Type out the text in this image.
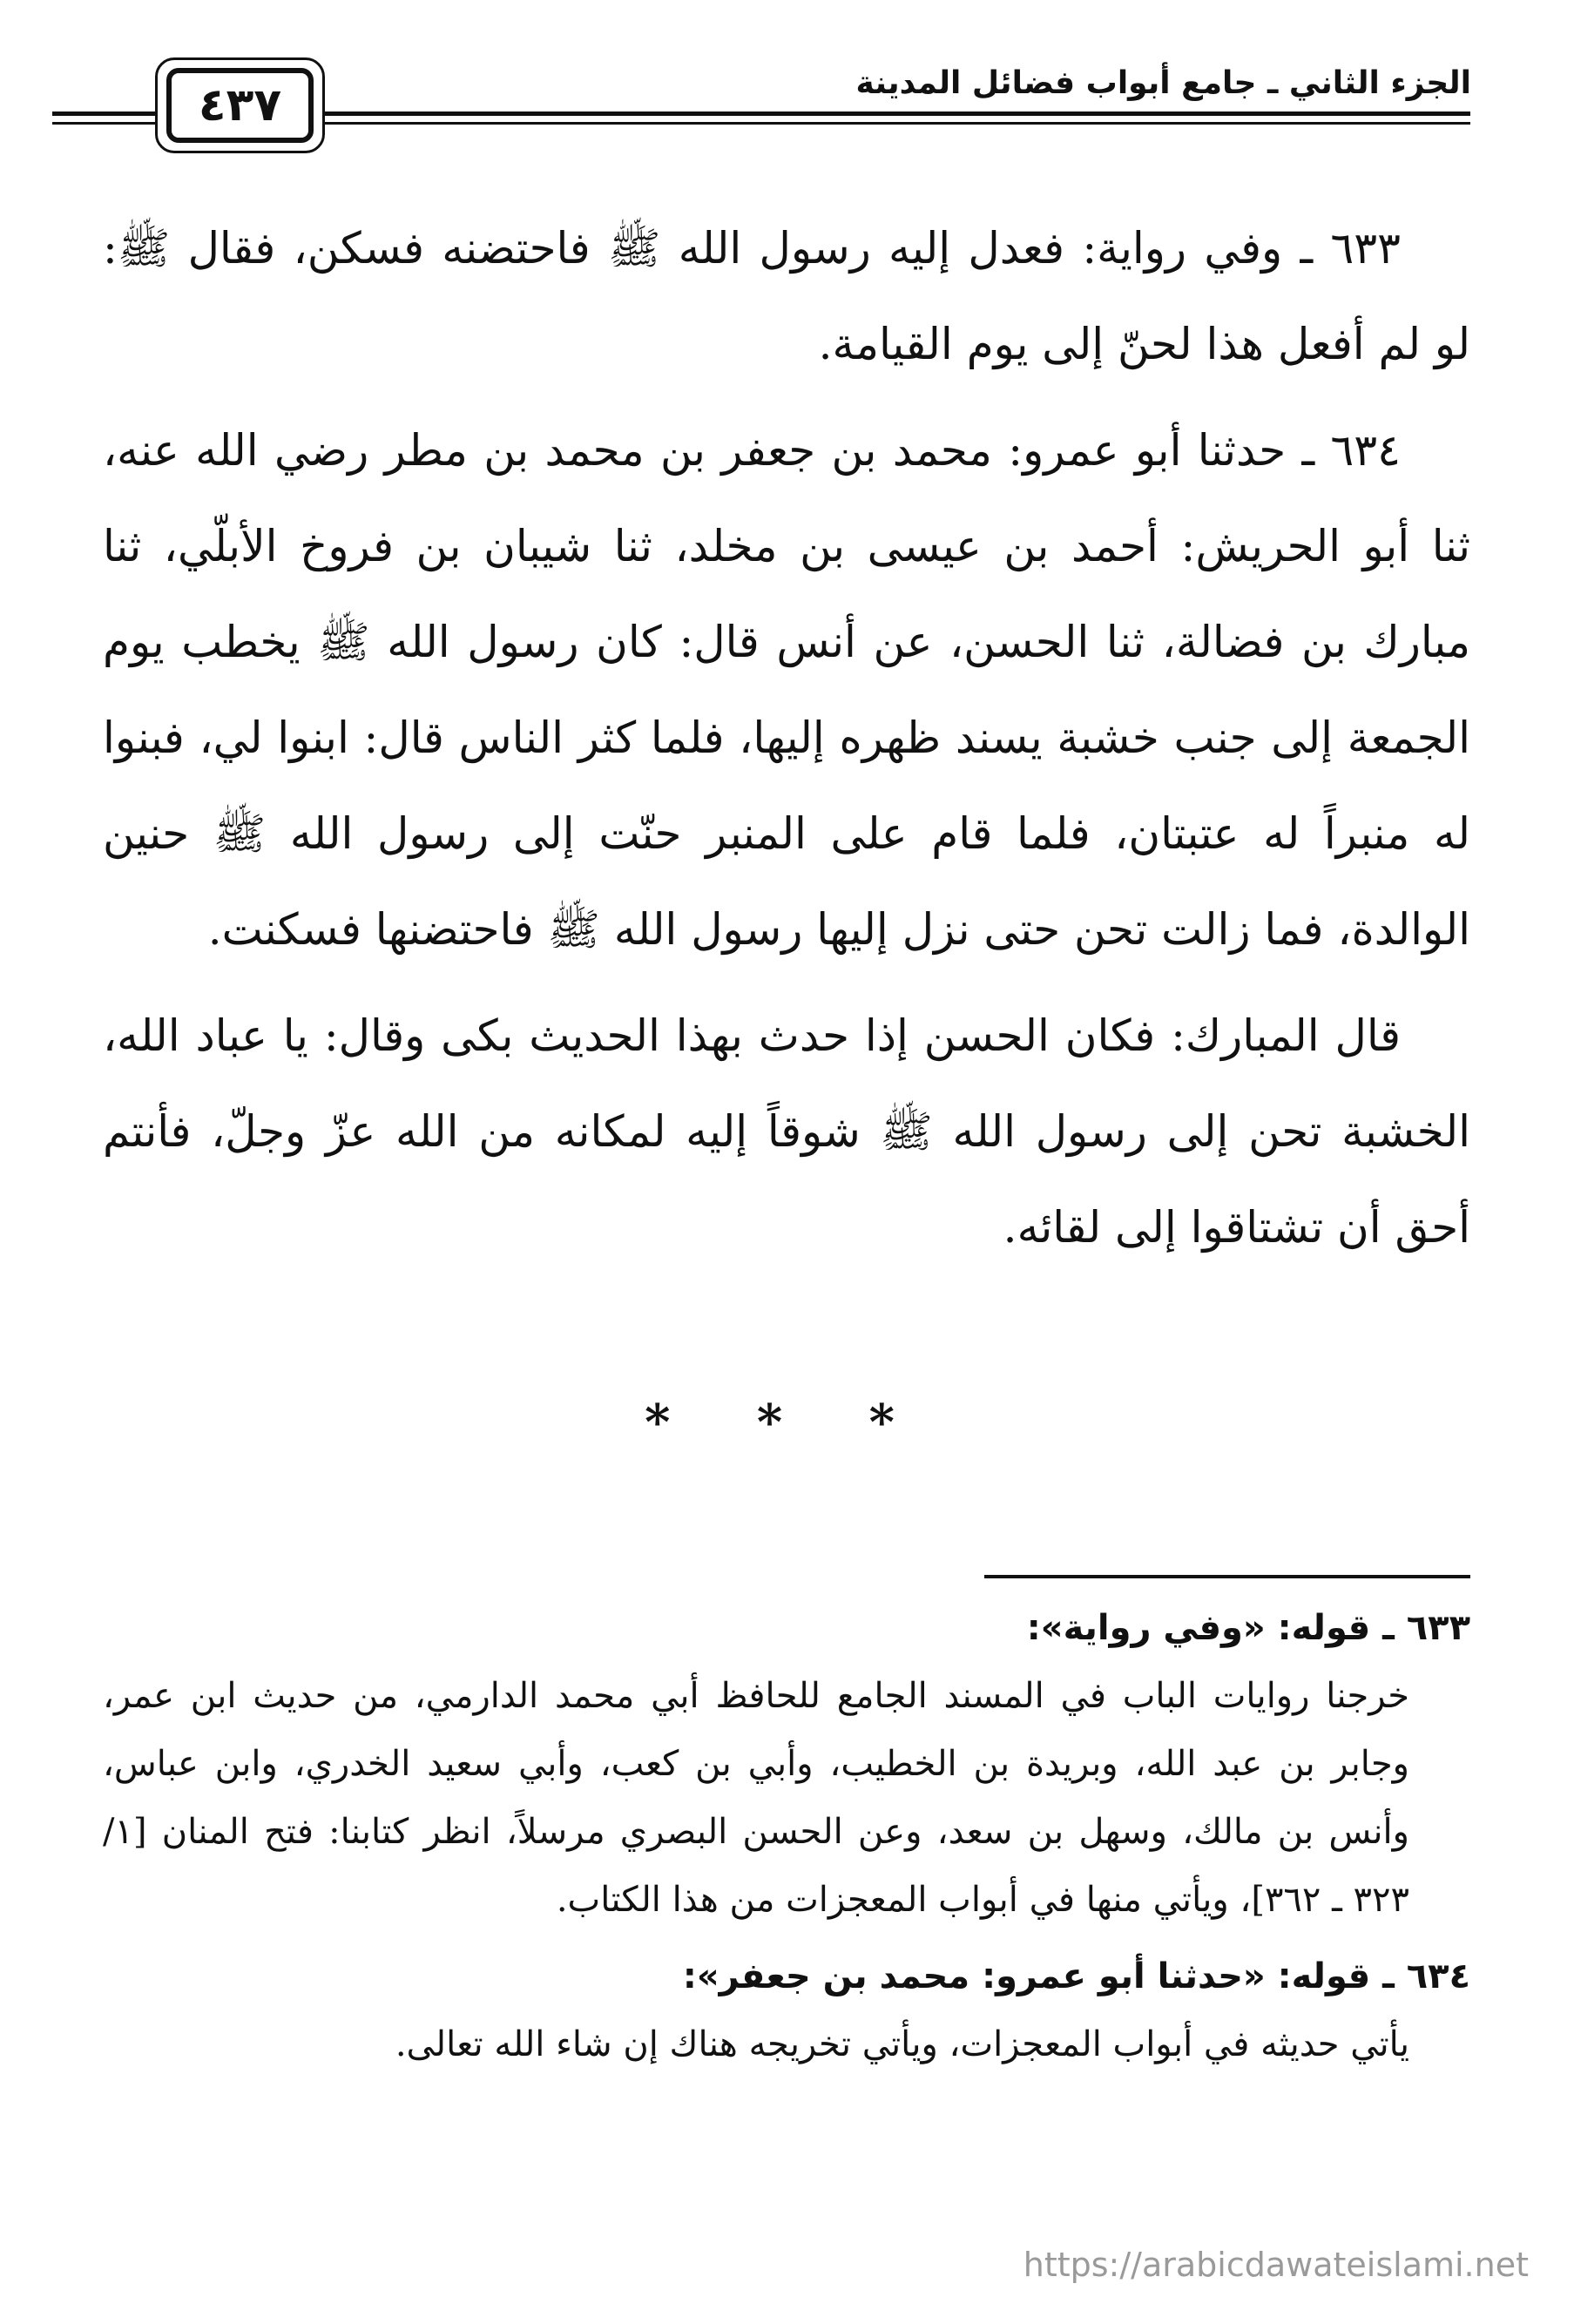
الجزء الثاني ـ جامع أبواب فضائل المدينة
٤٣٧

٦٣٣ ـ وفي رواية: فعدل إليه رسول الله ﷺ فاحتضنه فسكن، فقال ﷺ: لو لم أفعل هذا لحنّ إلى يوم القيامة.

٦٣٤ ـ حدثنا أبو عمرو: محمد بن جعفر بن محمد بن مطر رضي الله عنه، ثنا أبو الحريش: أحمد بن عيسى بن مخلد، ثنا شيبان بن فروخ الأبلّي، ثنا مبارك بن فضالة، ثنا الحسن، عن أنس قال: كان رسول الله ﷺ يخطب يوم الجمعة إلى جنب خشبة يسند ظهره إليها، فلما كثر الناس قال: ابنوا لي، فبنوا له منبراً له عتبتان، فلما قام على المنبر حنّت إلى رسول الله ﷺ حنين الوالدة، فما زالت تحن حتى نزل إليها رسول الله ﷺ فاحتضنها فسكنت.

قال المبارك: فكان الحسن إذا حدث بهذا الحديث بكى وقال: يا عباد الله، الخشبة تحن إلى رسول الله ﷺ شوقاً إليه لمكانه من الله عزّ وجلّ، فأنتم أحق أن تشتاقوا إلى لقائه.

* * *

٦٣٣ ـ قوله: «وفي رواية»:

خرجنا روايات الباب في المسند الجامع للحافظ أبي محمد الدارمي، من حديث ابن عمر، وجابر بن عبد الله، وبريدة بن الخطيب، وأبي بن كعب، وأبي سعيد الخدري، وابن عباس، وأنس بن مالك، وسهل بن سعد، وعن الحسن البصري مرسلاً، انظر كتابنا: فتح المنان [١/ ٣٢٣ ـ ٣٦٢]، ويأتي منها في أبواب المعجزات من هذا الكتاب.

٦٣٤ ـ قوله: «حدثنا أبو عمرو: محمد بن جعفر»:

يأتي حديثه في أبواب المعجزات، ويأتي تخريجه هناك إن شاء الله تعالى.

https://arabicdawateislami.net
